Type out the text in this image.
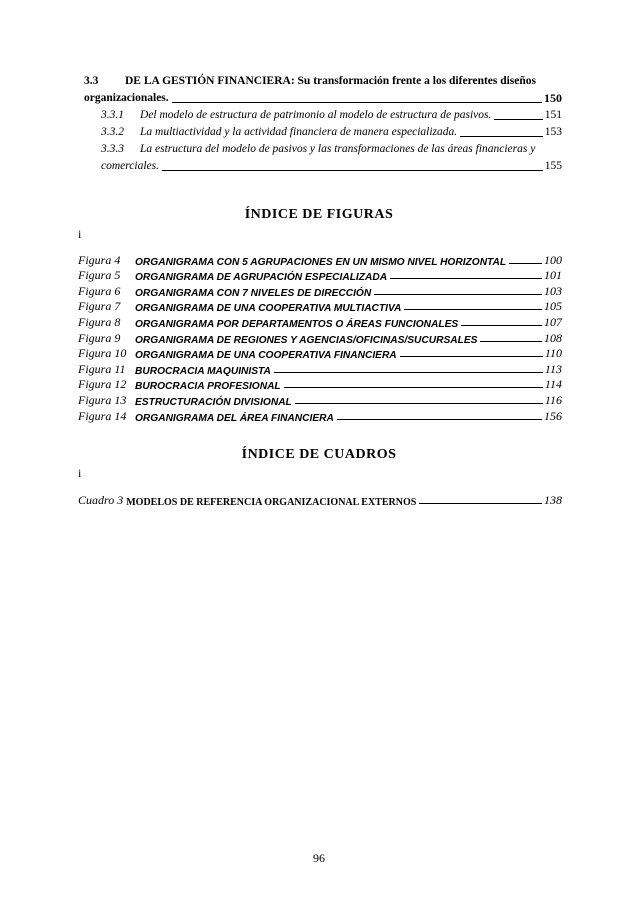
3.3 DE LA GESTIÓN FINANCIERA: Su transformación frente a los diferentes diseños
organizacionales.	150
3.3.1	Del modelo de estructura de patrimonio al modelo de estructura de pasivos.	151
3.3.2	La multiactividad y la actividad financiera de manera especializada.	153
3.3.3 La estructura del modelo de pasivos y las transformaciones de las áreas financieras y
comerciales.	155
ÍNDICE DE FIGURAS
i
Figura 4	ORGANIGRAMA CON 5 AGRUPACIONES EN UN MISMO NIVEL HORIZONTAL	100
Figura 5	ORGANIGRAMA DE AGRUPACIÓN ESPECIALIZADA	101
Figura 6	ORGANIGRAMA CON 7 NIVELES DE DIRECCIÓN	103
Figura 7	ORGANIGRAMA DE UNA COOPERATIVA MULTIACTIVA	105
Figura 8	ORGANIGRAMA POR DEPARTAMENTOS O ÁREAS FUNCIONALES	107
Figura 9	ORGANIGRAMA DE REGIONES Y AGENCIAS/OFICINAS/SUCURSALES	108
Figura 10 ORGANIGRAMA DE UNA COOPERATIVA FINANCIERA	110
Figura 11 BUROCRACIA MAQUINISTA	113
Figura 12 BUROCRACIA PROFESIONAL	114
Figura 13 ESTRUCTURACIÓN DIVISIONAL	116
Figura 14 ORGANIGRAMA DEL ÁREA FINANCIERA	156
ÍNDICE DE CUADROS
i
Cuadro 3 MODELOS DE REFERENCIA ORGANIZACIONAL EXTERNOS	138
96
